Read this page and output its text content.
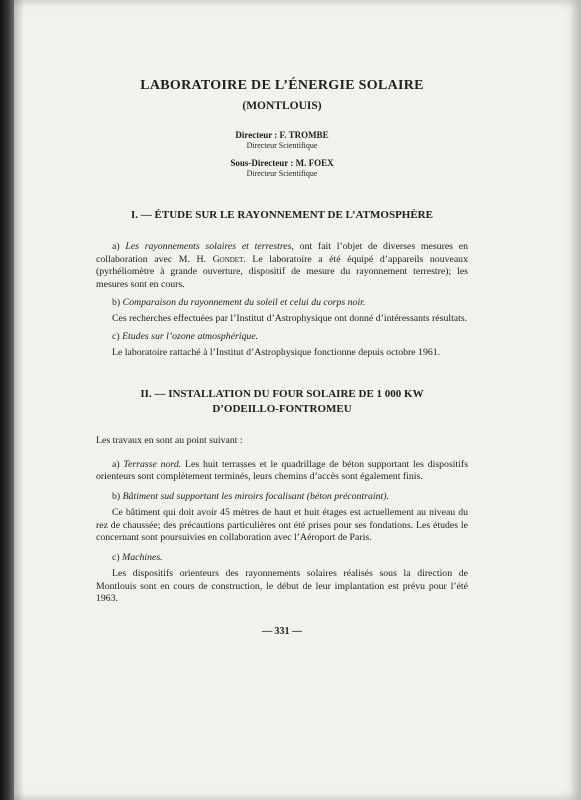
LABORATOIRE DE L’ÉNERGIE SOLAIRE
(MONTLOUIS)

Directeur : F. TROMBE

Directeur Scientifique

Sous-Directeur : M. FOEX

Directeur Scientifique

I. — ÉTUDE SUR LE RAYONNEMENT DE L’ATMOSPHÈRE

a) Les rayonnements solaires et terrestres, ont fait l’objet de diverses mesures en collaboration avec M. H. Gondet. Le laboratoire a été équipé d’appareils nouveaux (pyrhéliomètre à grande ouverture, dispositif de mesure du rayonnement terrestre); les mesures sont en cours.

b) Comparaison du rayonnement du soleil et celui du corps noir.

Ces recherches effectuées par l’Institut d’Astrophysique ont donné d’intéressants résultats.

c) Etudes sur l’ozone atmosphérique.

Le laboratoire rattaché à l’Institut d’Astrophysique fonctionne depuis octobre 1961.

II. — INSTALLATION DU FOUR SOLAIRE DE 1 000 KW
D’ODEILLO-FONTROMEU

Les travaux en sont au point suivant :

a) Terrasse nord. Les huit terrasses et le quadrillage de béton supportant les dispositifs orienteurs sont complètement terminés, leurs chemins d’accès sont également finis.

b) Bâtiment sud supportant les miroirs focalisant (béton précontraint).

Ce bâtiment qui doit avoir 45 mètres de haut et huit étages est actuellement au niveau du rez de chaussée; des précautions particulières ont été prises pour ses fondations. Les études le concernant sont poursuivies en collaboration avec l’Aéroport de Paris.

c) Machines.

Les dispositifs orienteurs des rayonnements solaires réalisés sous la direction de Montlouis sont en cours de construction, le début de leur implantation est prévu pour l’été 1963.

— 331 —
